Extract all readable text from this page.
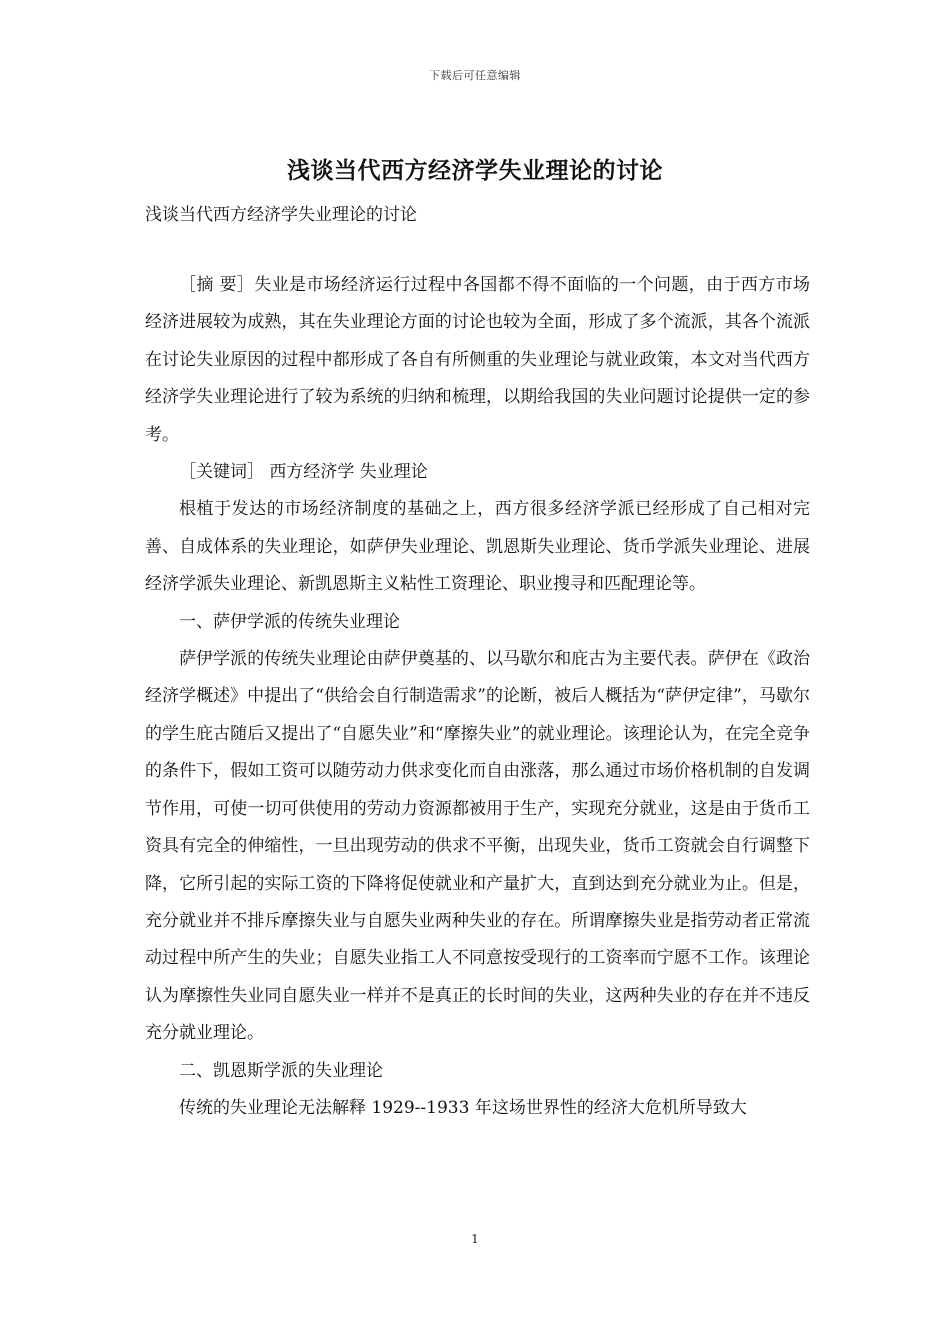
下载后可任意编辑
浅谈当代西方经济学失业理论的讨论

浅谈当代西方经济学失业理论的讨论

［摘 要］失业是市场经济运行过程中各国都不得不面临的一个问题，由于西方市场经济进展较为成熟，其在失业理论方面的讨论也较为全面，形成了多个流派，其各个流派在讨论失业原因的过程中都形成了各自有所侧重的失业理论与就业政策，本文对当代西方经济学失业理论进行了较为系统的归纳和梳理，以期给我国的失业问题讨论提供一定的参考。

［关键词］ 西方经济学 失业理论

根植于发达的市场经济制度的基础之上，西方很多经济学派已经形成了自己相对完善、自成体系的失业理论，如萨伊失业理论、凯恩斯失业理论、货币学派失业理论、进展经济学派失业理论、新凯恩斯主义粘性工资理论、职业搜寻和匹配理论等。

一、萨伊学派的传统失业理论

萨伊学派的传统失业理论由萨伊奠基的、以马歇尔和庇古为主要代表。萨伊在《政治经济学概述》中提出了“供给会自行制造需求”的论断，被后人概括为“萨伊定律”，马歇尔的学生庇古随后又提出了“自愿失业”和“摩擦失业”的就业理论。该理论认为，在完全竞争的条件下，假如工资可以随劳动力供求变化而自由涨落，那么通过市场价格机制的自发调节作用，可使一切可供使用的劳动力资源都被用于生产，实现充分就业，这是由于货币工资具有完全的伸缩性，一旦出现劳动的供求不平衡，出现失业，货币工资就会自行调整下降，它所引起的实际工资的下降将促使就业和产量扩大，直到达到充分就业为止。但是，充分就业并不排斥摩擦失业与自愿失业两种失业的存在。所谓摩擦失业是指劳动者正常流动过程中所产生的失业；自愿失业指工人不同意按受现行的工资率而宁愿不工作。该理论认为摩擦性失业同自愿失业一样并不是真正的长时间的失业，这两种失业的存在并不违反充分就业理论。

二、凯恩斯学派的失业理论

传统的失业理论无法解释 1929--1933 年这场世界性的经济大危机所导致大

1
